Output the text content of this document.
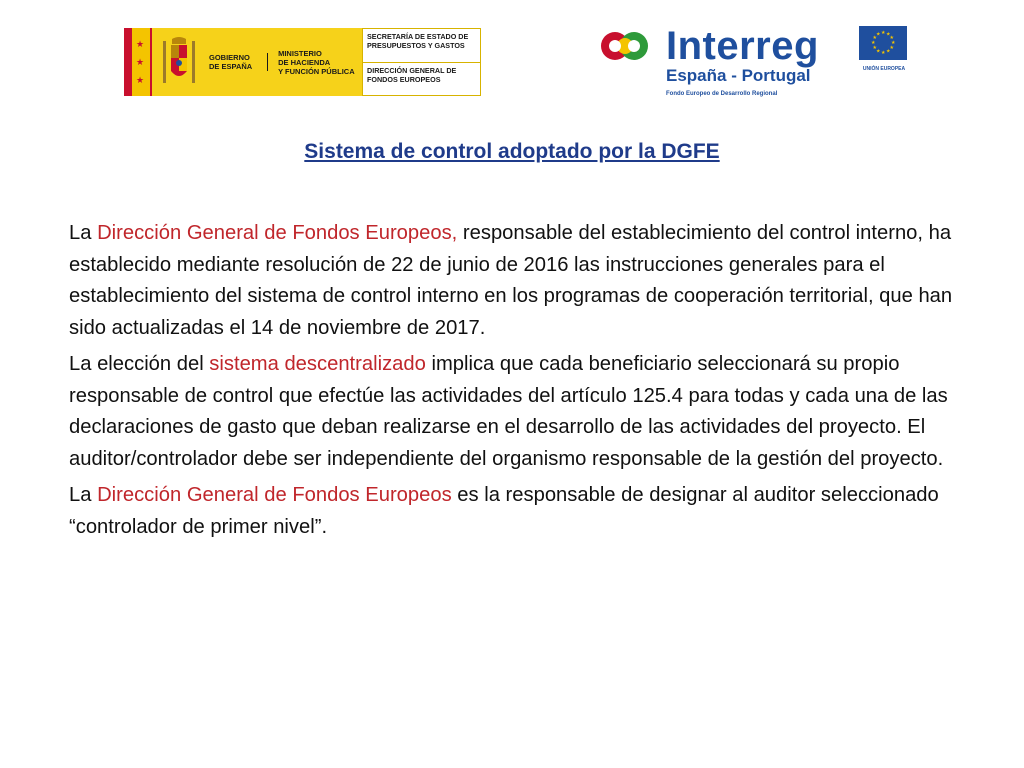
★
★
★
GOBIERNO
DE ESPAÑA
MINISTERIO
DE HACIENDA
Y FUNCIÓN PÚBLICA
SECRETARÍA DE ESTADO DE
PRESUPUESTOS Y GASTOS
DIRECCIÓN GENERAL DE
FONDOS EUROPEOS
Interreg
España - Portugal
Fondo Europeo de Desarrollo Regional
★ ★
★
★
★
★
★
★
★
★
★
★
UNIÓN EUROPEA
Sistema de control adoptado por la DGFE

La Dirección General de Fondos Europeos, responsable del establecimiento del control interno, ha establecido mediante resolución de 22 de junio de 2016 las instrucciones generales para el establecimiento del sistema de control interno en los programas de cooperación territorial, que han sido actualizadas el 14 de noviembre de 2017.

La elección del sistema descentralizado implica que cada beneficiario seleccionará su propio responsable de control que efectúe las actividades del artículo 125.4 para todas y cada una de las declaraciones de gasto que deban realizarse en el desarrollo de las actividades del proyecto. El auditor/controlador debe ser independiente del organismo responsable de la gestión del proyecto.

La Dirección General de Fondos Europeos es la responsable de designar al auditor seleccionado “controlador de primer nivel”.
